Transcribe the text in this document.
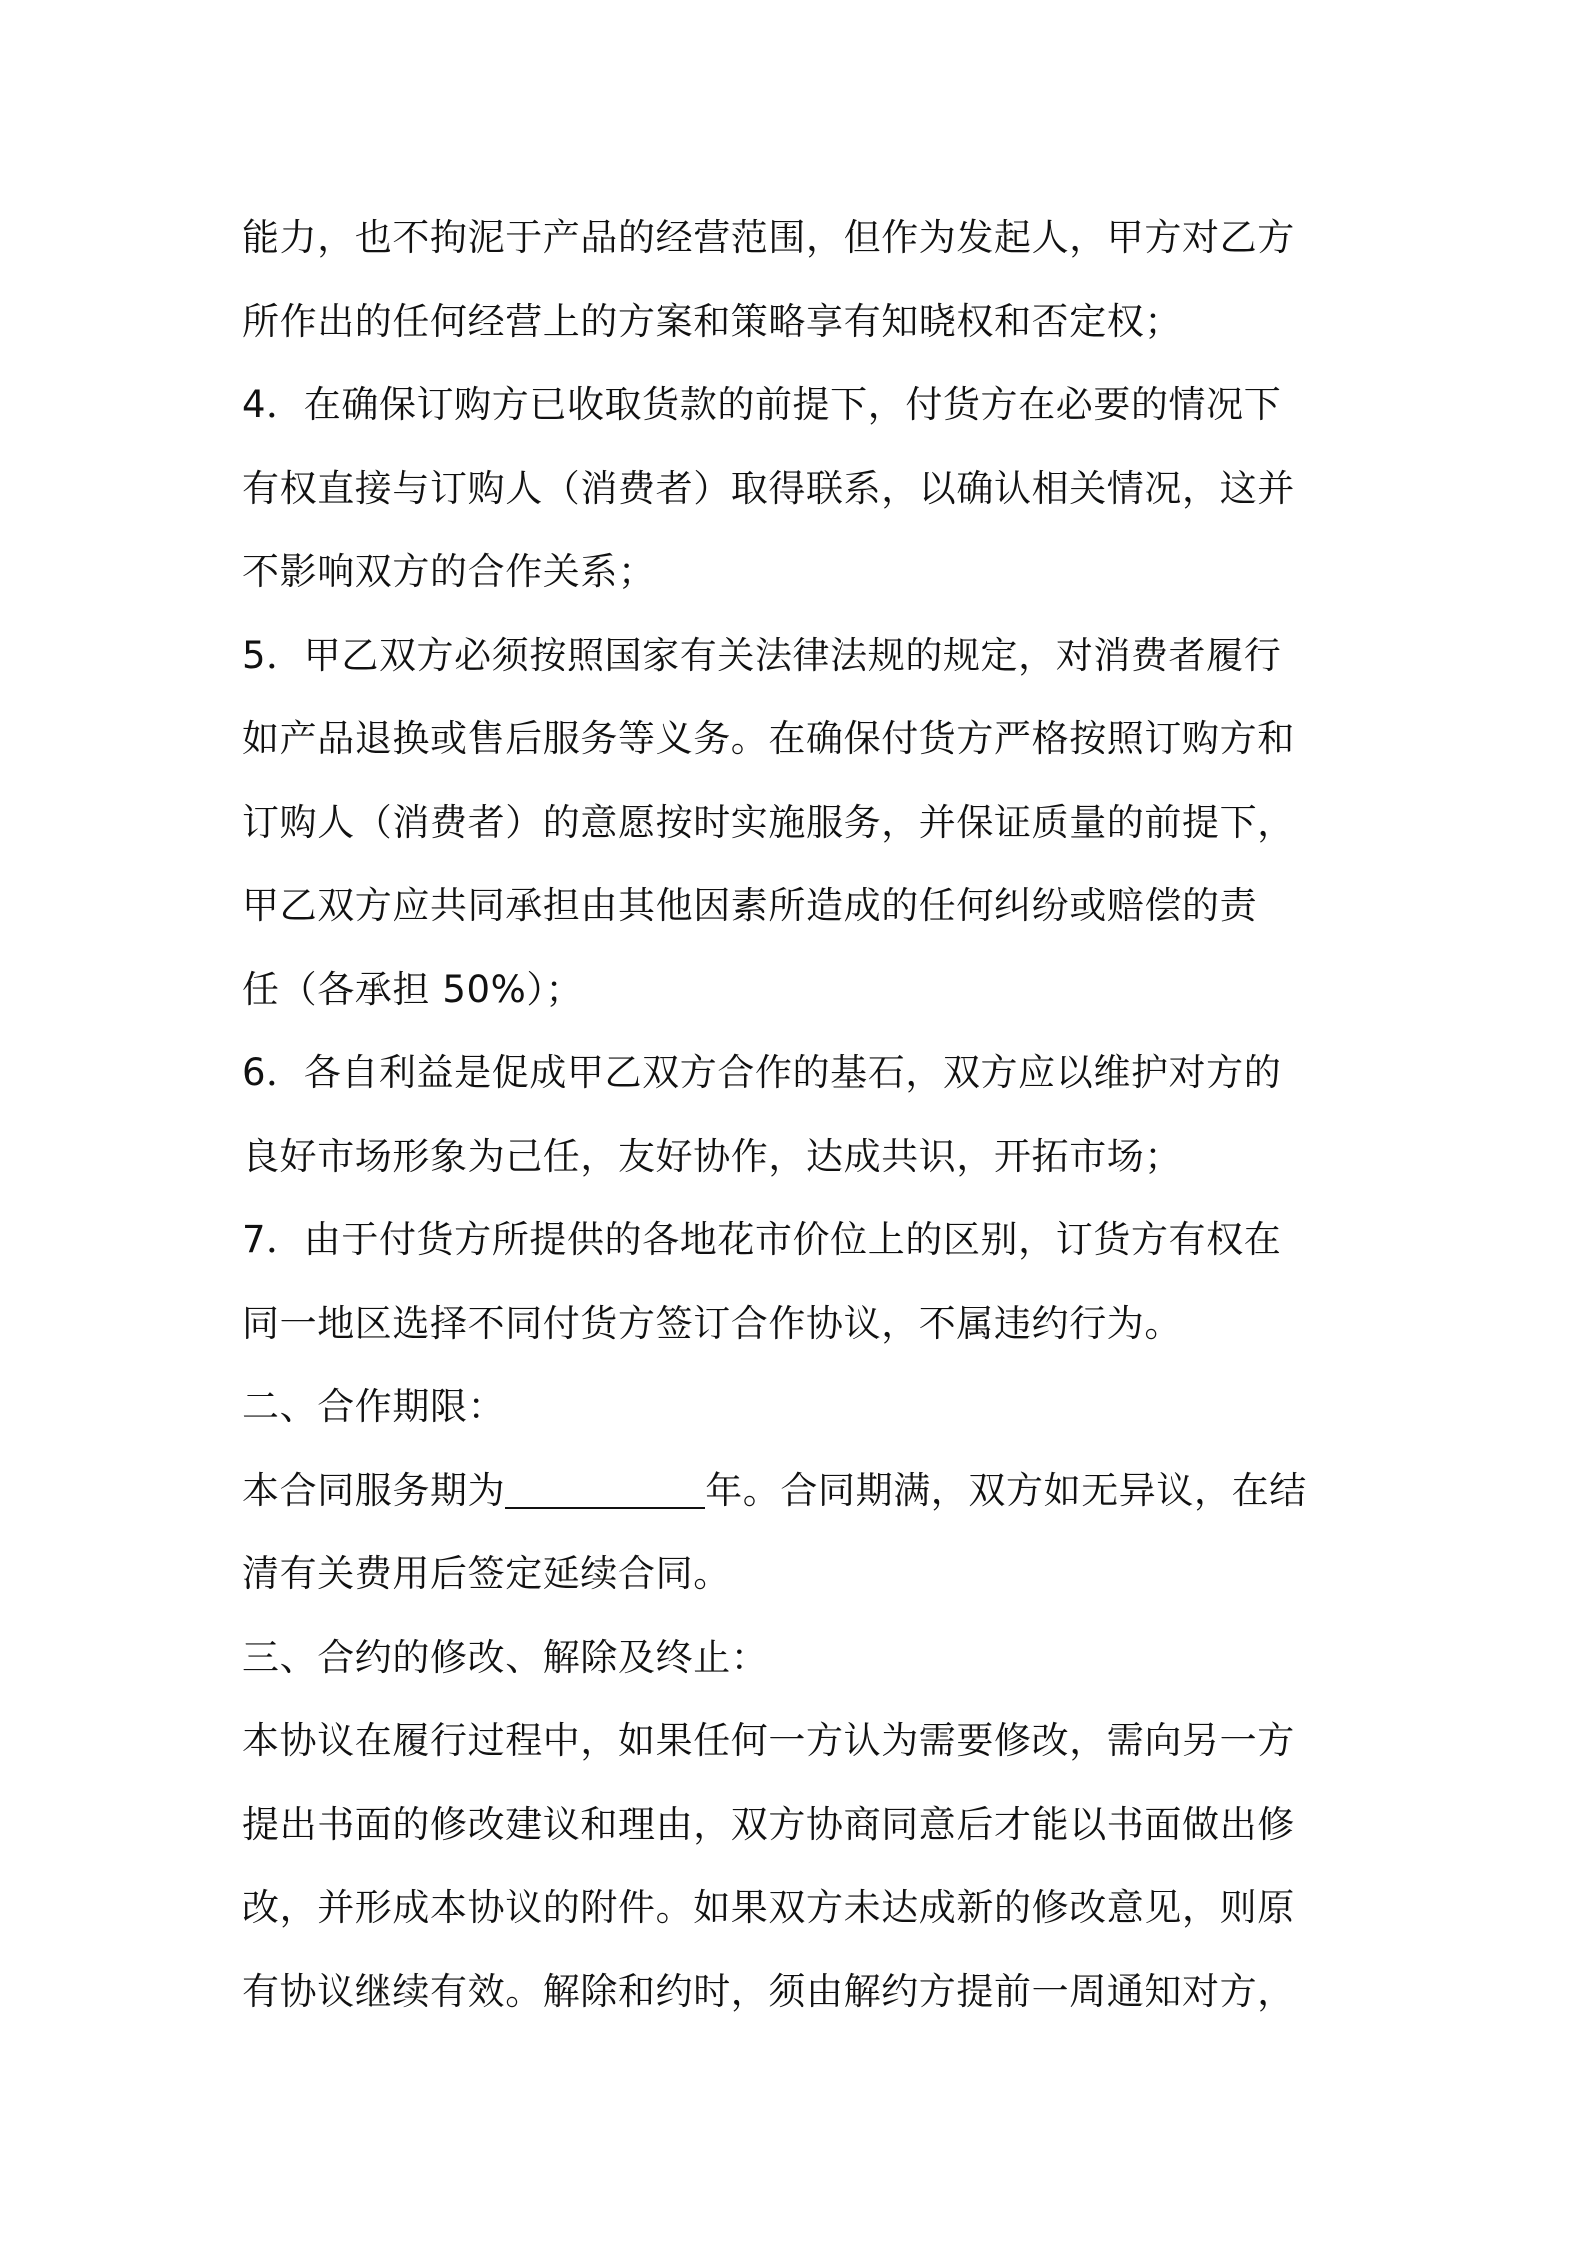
能力，也不拘泥于产品的经营范围，但作为发起人，甲方对乙方
所作出的任何经营上的方案和策略享有知晓权和否定权；
4．在确保订购方已收取货款的前提下，付货方在必要的情况下
有权直接与订购人（消费者）取得联系，以确认相关情况，这并
不影响双方的合作关系；
5．甲乙双方必须按照国家有关法律法规的规定，对消费者履行
如产品退换或售后服务等义务。在确保付货方严格按照订购方和
订购人（消费者）的意愿按时实施服务，并保证质量的前提下，
甲乙双方应共同承担由其他因素所造成的任何纠纷或赔偿的责
任（各承担 50%）；
6．各自利益是促成甲乙双方合作的基石，双方应以维护对方的
良好市场形象为己任，友好协作，达成共识，开拓市场；
7．由于付货方所提供的各地花市价位上的区别，订货方有权在
同一地区选择不同付货方签订合作协议，不属违约行为。
二、合作期限：
本合同服务期为	年。合同期满，双方如无异议，在结
清有关费用后签定延续合同。
三、合约的修改、解除及终止：
本协议在履行过程中，如果任何一方认为需要修改，需向另一方
提出书面的修改建议和理由，双方协商同意后才能以书面做出修
改，并形成本协议的附件。如果双方未达成新的修改意见，则原
有协议继续有效。解除和约时，须由解约方提前一周通知对方，
